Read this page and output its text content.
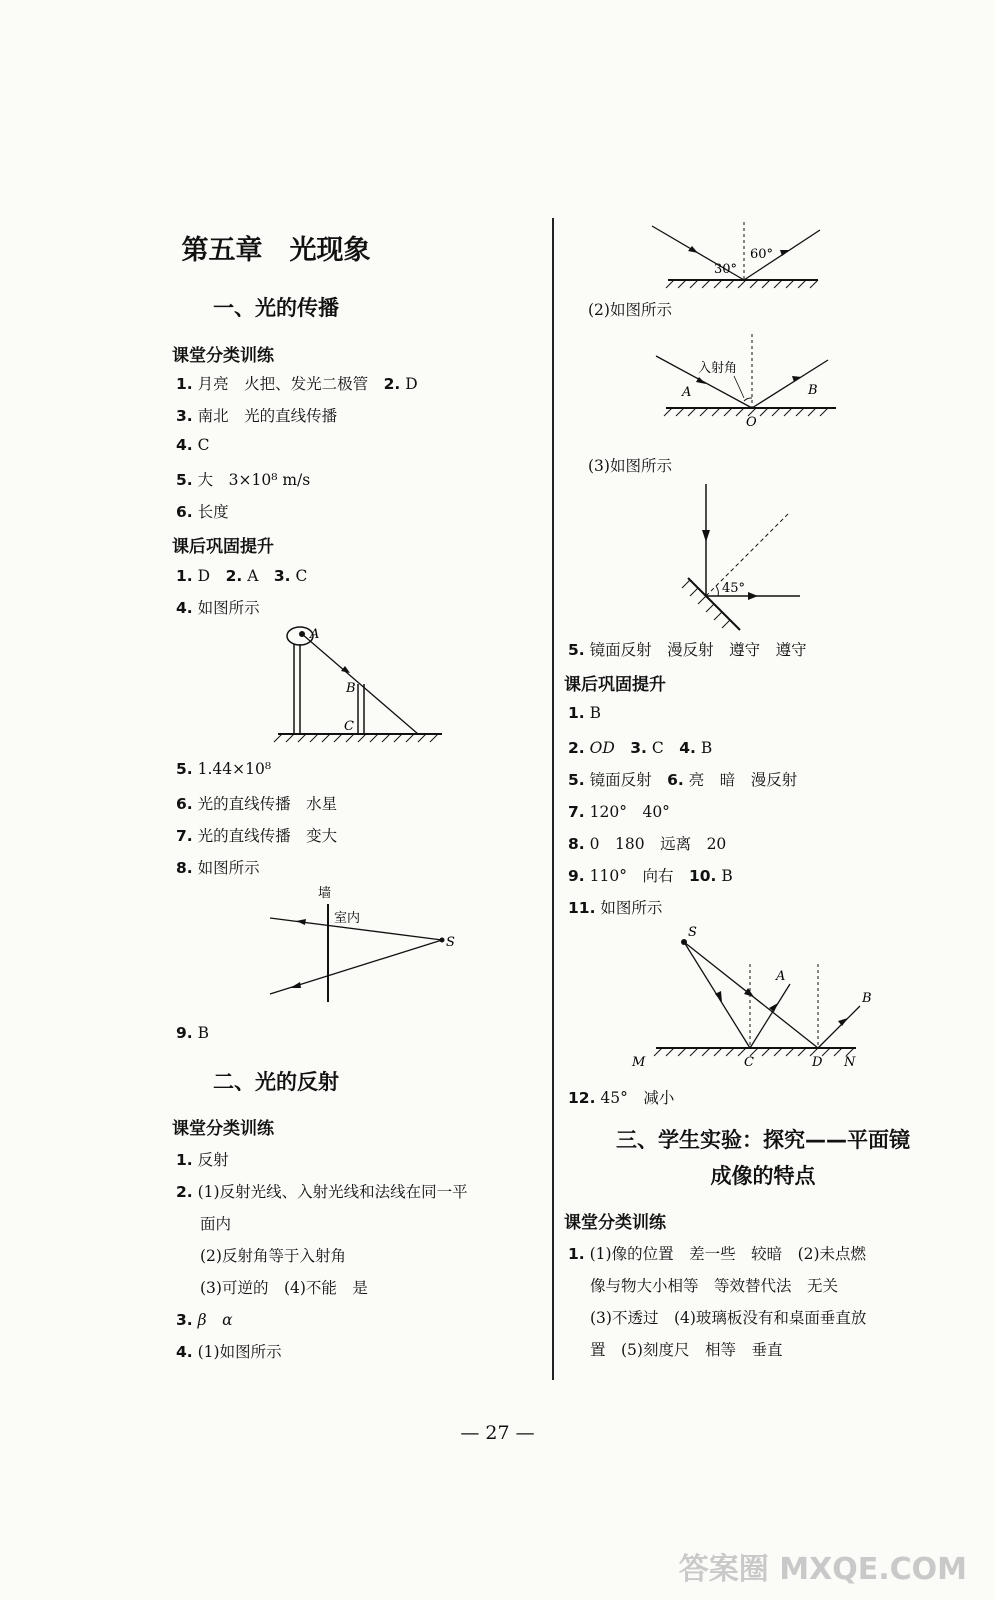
第五章　光现象
一、光的传播
课堂分类训练
1. 月亮　火把、发光二极管　2. D
3. 南北　光的直线传播
4. C
5. 大　3×10⁸ m/s
6. 长度
课后巩固提升
1. D　2. A　3. C
4. 如图所示
A
B
C
5. 1.44×10⁸
6. 光的直线传播　水星
7. 光的直线传播　变大
8. 如图所示
墙
室内
S
9. B
二、光的反射
课堂分类训练
1. 反射
2. (1)反射光线、入射光线和法线在同一平
面内
(2)反射角等于入射角
(3)可逆的　(4)不能　是
3. β　α
4. (1)如图所示
30°
60°
(2)如图所示
入射角
A	B
O
(3)如图所示
45°
5. 镜面反射　漫反射　遵守　遵守
课后巩固提升
1. B
2. OD　3. C　4. B
5. 镜面反射　6. 亮　暗　漫反射
7. 120°　40°
8. 0　180　远离　20
9. 110°　向右　10. B
11. 如图所示
S
A
B
M	C	D N
12. 45°　减小
三、学生实验：探究——平面镜
成像的特点
课堂分类训练
1. (1)像的位置　差一些　较暗　(2)未点燃
像与物大小相等　等效替代法　无关
(3)不透过　(4)玻璃板没有和桌面垂直放
置　(5)刻度尺　相等　垂直
— 27 —
答案圈 MXQE.COM
